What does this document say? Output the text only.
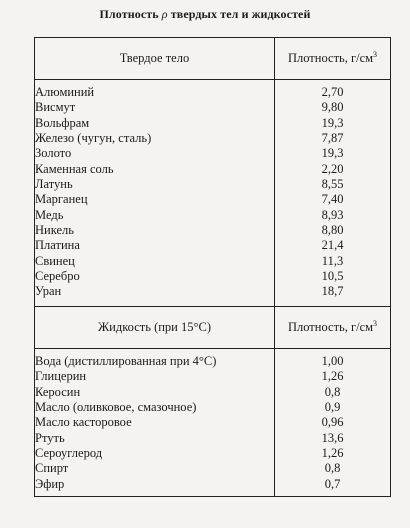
Плотность ρ твердых тел и жидкостей
Твердое тело	Плотность, $г/см^3$
Алюминий	2,70
Висмут	9,80
Вольфрам	19,3
Железо (чугун, сталь)	7,87
Золото	19,3
Каменная соль	2,20
Латунь	8,55
Марганец	7,40
Медь	8,93
Никель	8,80
Платина	21,4
Свинец	11,3
Серебро	10,5
Уран	18,7
Жидкость (при 15°C)	Плотность, $г/см^3$
Вода (дистиллированная при 4°C)	1,00
Глицерин	1,26
Керосин	0,8
Масло (оливковое, смазочное)	0,9
Масло касторовое	0,96
Ртуть	13,6
Сероуглерод	1,26
Спирт	0,8
Эфир	0,7
